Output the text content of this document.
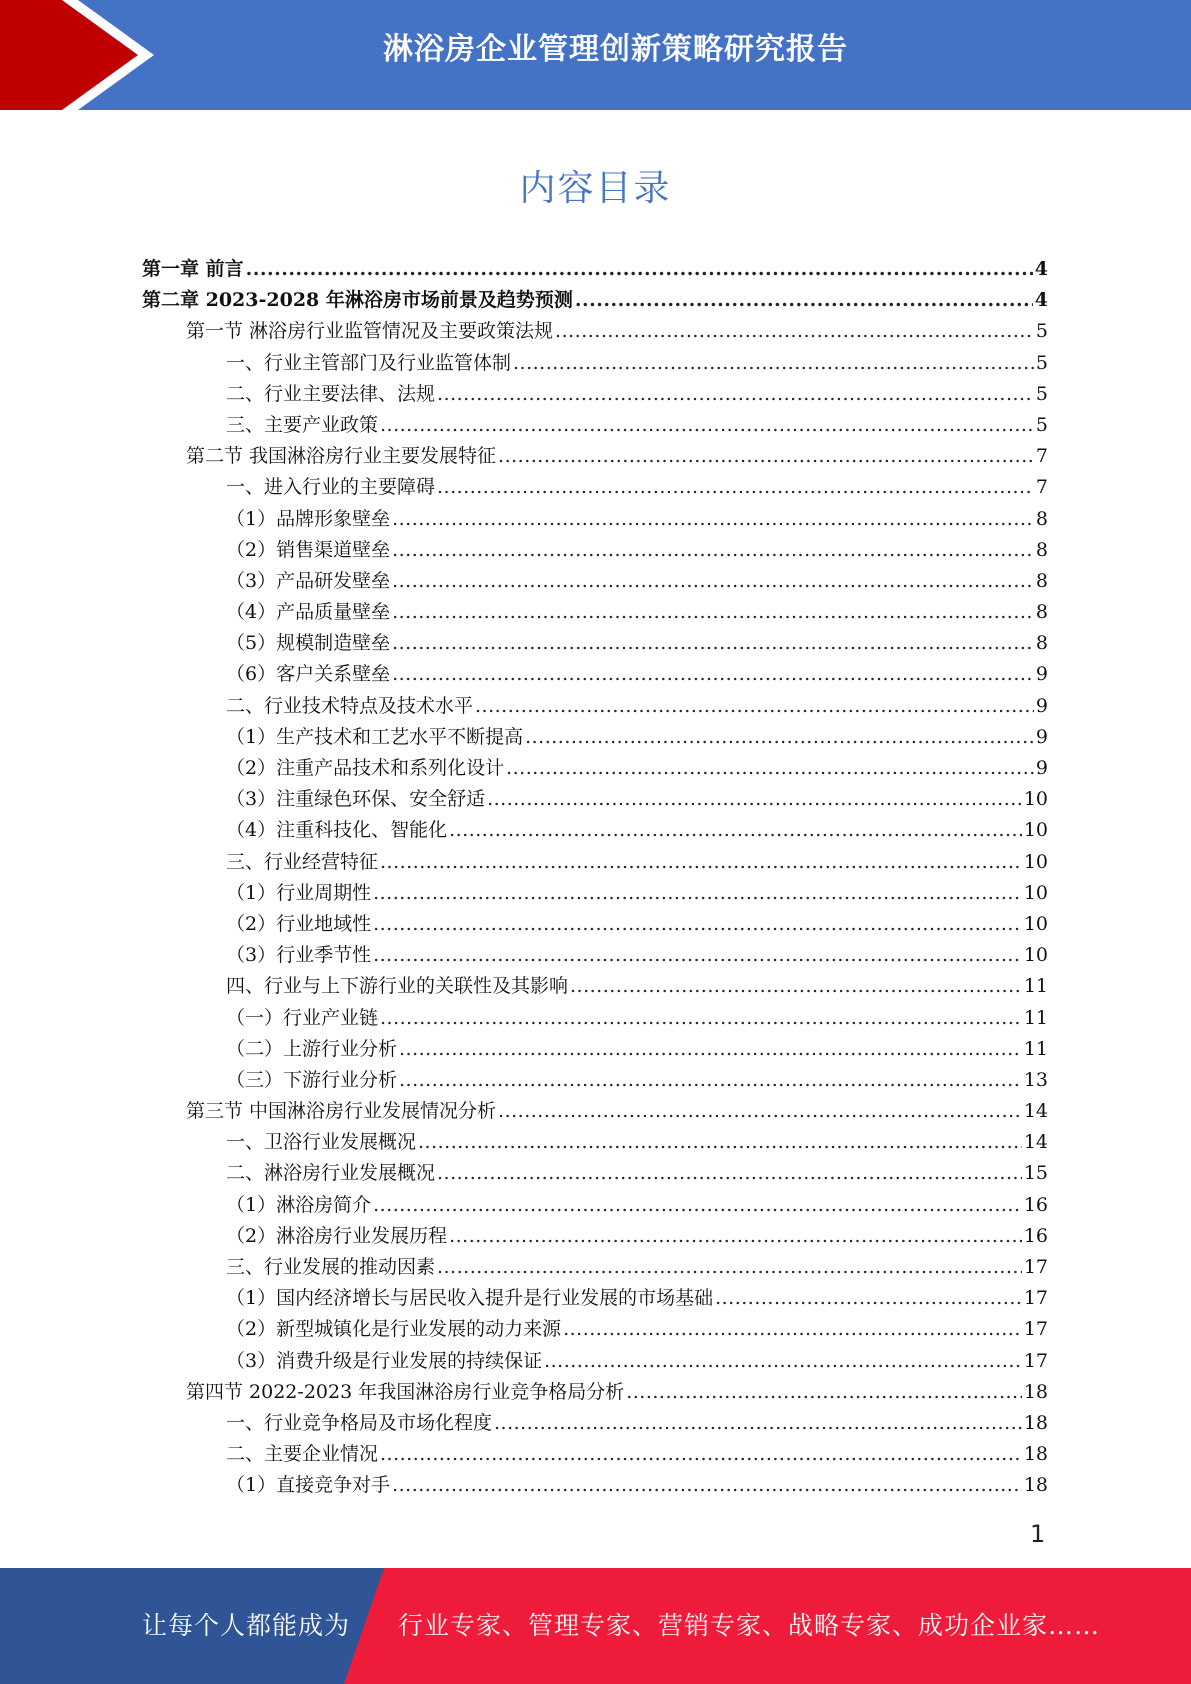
淋浴房企业管理创新策略研究报告
内容目录
第一章 前言 .....	4
第二章 2023-2028 年淋浴房市场前景及趋势预测 .....	4
第一节 淋浴房行业监管情况及主要政策法规 .....	5
一、行业主管部门及行业监管体制 .....	5
二、行业主要法律、法规 .....	5
三、主要产业政策 .....	5
第二节 我国淋浴房行业主要发展特征 .....	7
一、进入行业的主要障碍 .....	7
（1）品牌形象壁垒 .....	8
（2）销售渠道壁垒 .....	8
（3）产品研发壁垒 .....	8
（4）产品质量壁垒 .....	8
（5）规模制造壁垒 .....	8
（6）客户关系壁垒 .....	9
二、行业技术特点及技术水平 .....	9
（1）生产技术和工艺水平不断提高 .....	9
（2）注重产品技术和系列化设计 .....	9
（3）注重绿色环保、安全舒适 .....	10
（4）注重科技化、智能化 .....	10
三、行业经营特征 .....	10
（1）行业周期性 .....	10
（2）行业地域性 .....	10
（3）行业季节性 .....	10
四、行业与上下游行业的关联性及其影响 .....	11
（一）行业产业链 .....	11
（二）上游行业分析 .....	11
（三）下游行业分析 .....	13
第三节 中国淋浴房行业发展情况分析 .....	14
一、卫浴行业发展概况 .....	14
二、淋浴房行业发展概况 .....	15
（1）淋浴房简介 .....	16
（2）淋浴房行业发展历程 .....	16
三、行业发展的推动因素 .....	17
（1）国内经济增长与居民收入提升是行业发展的市场基础 .....	17
（2）新型城镇化是行业发展的动力来源 .....	17
（3）消费升级是行业发展的持续保证 .....	17
第四节 2022-2023 年我国淋浴房行业竞争格局分析 .....	18
一、行业竞争格局及市场化程度 .....	18
二、主要企业情况 .....	18
（1）直接竞争对手 .....	18
1
让每个人都能成为 行业专家、管理专家、营销专家、战略专家、成功企业家……
